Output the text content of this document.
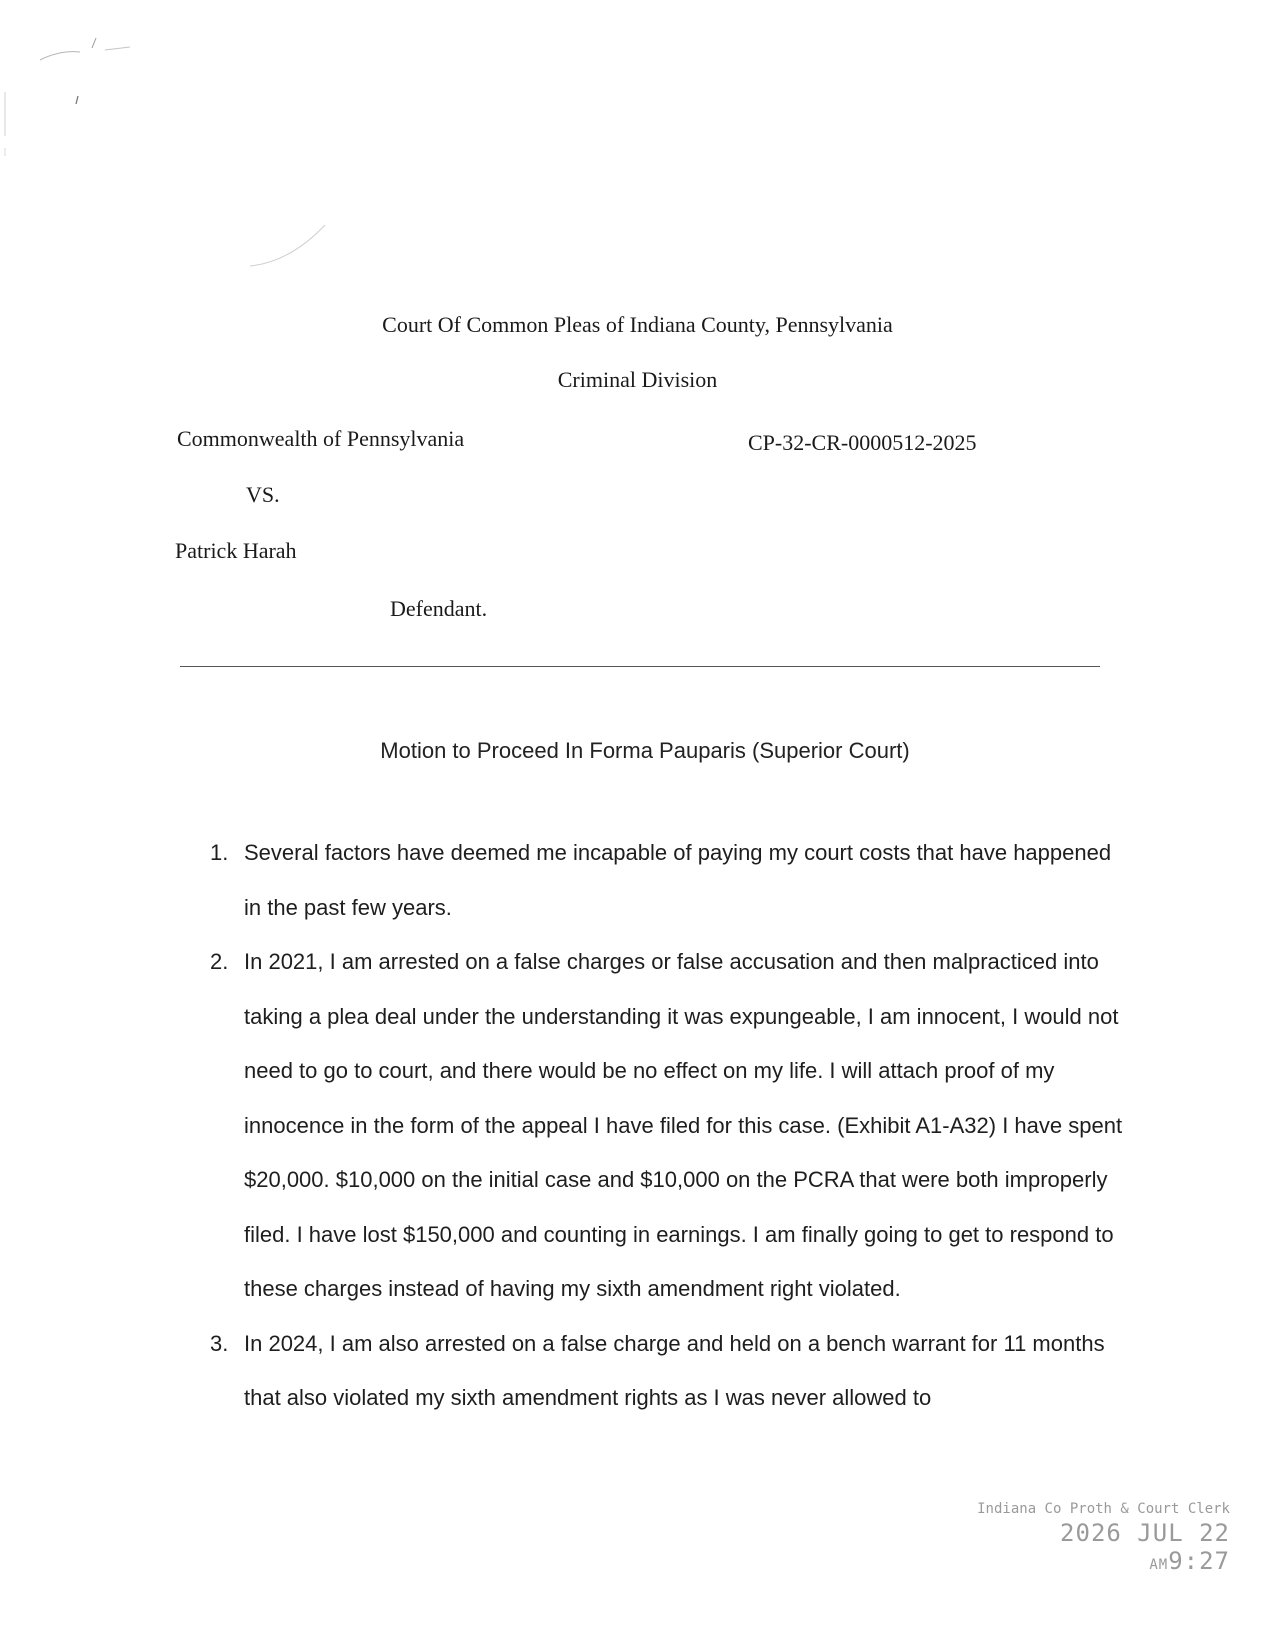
Court Of Common Pleas of Indiana County, Pennsylvania
Criminal Division
Commonwealth of Pennsylvania	CP-32-CR-0000512-2025
VS.
Patrick Harah
Defendant.
Motion to Proceed In Forma Pauparis (Superior Court)
1. Several factors have deemed me incapable of paying my court costs that have happened in the past few years.
2. In 2021, I am arrested on a false charges or false accusation and then malpracticed into taking a plea deal under the understanding it was expungeable, I am innocent, I would not need to go to court, and there would be no effect on my life. I will attach proof of my innocence in the form of the appeal I have filed for this case. (Exhibit A1-A32) I have spent $20,000. $10,000 on the initial case and $10,000 on the PCRA that were both improperly filed. I have lost $150,000 and counting in earnings. I am finally going to get to respond to these charges instead of having my sixth amendment right violated.
3. In 2024, I am also arrested on a false charge and held on a bench warrant for 11 months that also violated my sixth amendment rights as I was never allowed to
Indiana Co Proth & Court Clerk
2026 JUL 22 AM9:27
